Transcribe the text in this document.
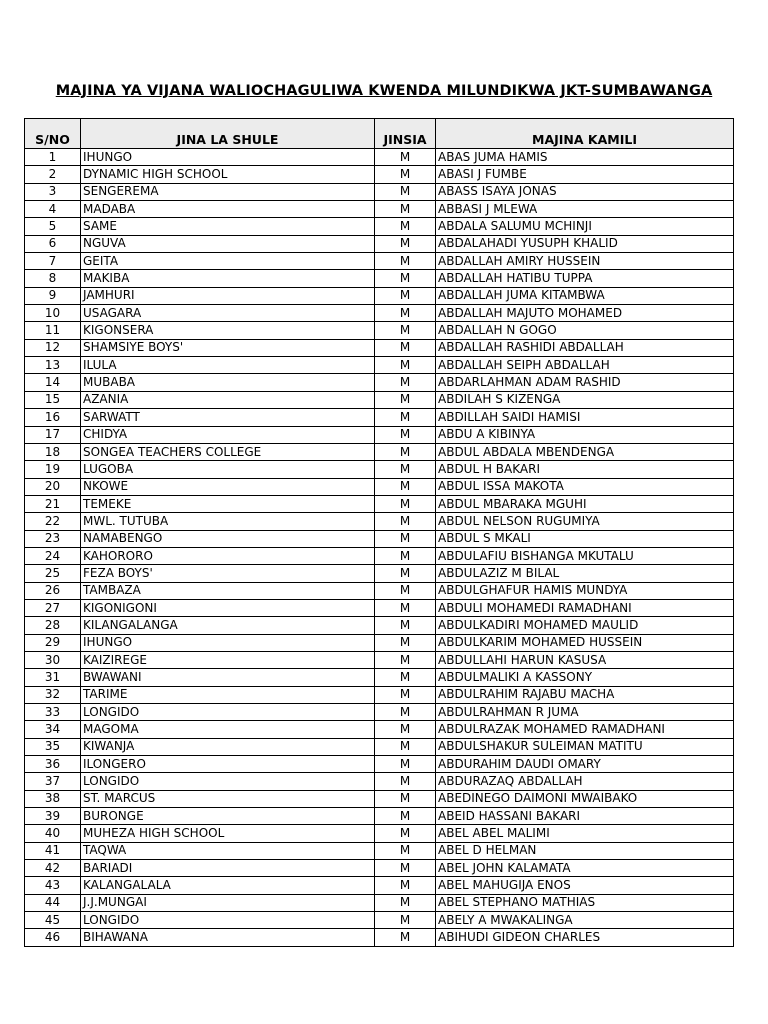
MAJINA YA VIJANA WALIOCHAGULIWA KWENDA MILUNDIKWA JKT-SUMBAWANGA
S/NO	JINA LA SHULE	JINSIA	MAJINA KAMILI
1	IHUNGO	M	ABAS JUMA HAMIS
2	DYNAMIC HIGH SCHOOL	M	ABASI J FUMBE
3	SENGEREMA	M	ABASS ISAYA JONAS
4	MADABA	M	ABBASI J MLEWA
5	SAME	M	ABDALA SALUMU MCHINJI
6	NGUVA	M	ABDALAHADI YUSUPH KHALID
7	GEITA	M	ABDALLAH AMIRY HUSSEIN
8	MAKIBA	M	ABDALLAH HATIBU TUPPA
9	JAMHURI	M	ABDALLAH JUMA KITAMBWA
10	USAGARA	M	ABDALLAH MAJUTO MOHAMED
11	KIGONSERA	M	ABDALLAH N GOGO
12	SHAMSIYE BOYS'	M	ABDALLAH RASHIDI ABDALLAH
13	ILULA	M	ABDALLAH SEIPH ABDALLAH
14	MUBABA	M	ABDARLAHMAN ADAM RASHID
15	AZANIA	M	ABDILAH S KIZENGA
16	SARWATT	M	ABDILLAH SAIDI HAMISI
17	CHIDYA	M	ABDU A KIBINYA
18	SONGEA TEACHERS COLLEGE	M	ABDUL ABDALA MBENDENGA
19	LUGOBA	M	ABDUL H BAKARI
20	NKOWE	M	ABDUL ISSA MAKOTA
21	TEMEKE	M	ABDUL MBARAKA MGUHI
22	MWL. TUTUBA	M	ABDUL NELSON RUGUMIYA
23	NAMABENGO	M	ABDUL S MKALI
24	KAHORORO	M	ABDULAFIU BISHANGA MKUTALU
25	FEZA BOYS'	M	ABDULAZIZ M BILAL
26	TAMBAZA	M	ABDULGHAFUR HAMIS MUNDYA
27	KIGONIGONI	M	ABDULI MOHAMEDI RAMADHANI
28	KILANGALANGA	M	ABDULKADIRI MOHAMED MAULID
29	IHUNGO	M	ABDULKARIM MOHAMED HUSSEIN
30	KAIZIREGE	M	ABDULLAHI HARUN KASUSA
31	BWAWANI	M	ABDULMALIKI A KASSONY
32	TARIME	M	ABDULRAHIM RAJABU MACHA
33	LONGIDO	M	ABDULRAHMAN R JUMA
34	MAGOMA	M	ABDULRAZAK MOHAMED RAMADHANI
35	KIWANJA	M	ABDULSHAKUR SULEIMAN MATITU
36	ILONGERO	M	ABDURAHIM DAUDI OMARY
37	LONGIDO	M	ABDURAZAQ ABDALLAH
38	ST. MARCUS	M	ABEDINEGO DAIMONI MWAIBAKO
39	BURONGE	M	ABEID HASSANI BAKARI
40	MUHEZA HIGH SCHOOL	M	ABEL ABEL MALIMI
41	TAQWA	M	ABEL D HELMAN
42	BARIADI	M	ABEL JOHN KALAMATA
43	KALANGALALA	M	ABEL MAHUGIJA ENOS
44	J.J.MUNGAI	M	ABEL STEPHANO MATHIAS
45	LONGIDO	M	ABELY A MWAKALINGA
46	BIHAWANA	M	ABIHUDI GIDEON CHARLES
